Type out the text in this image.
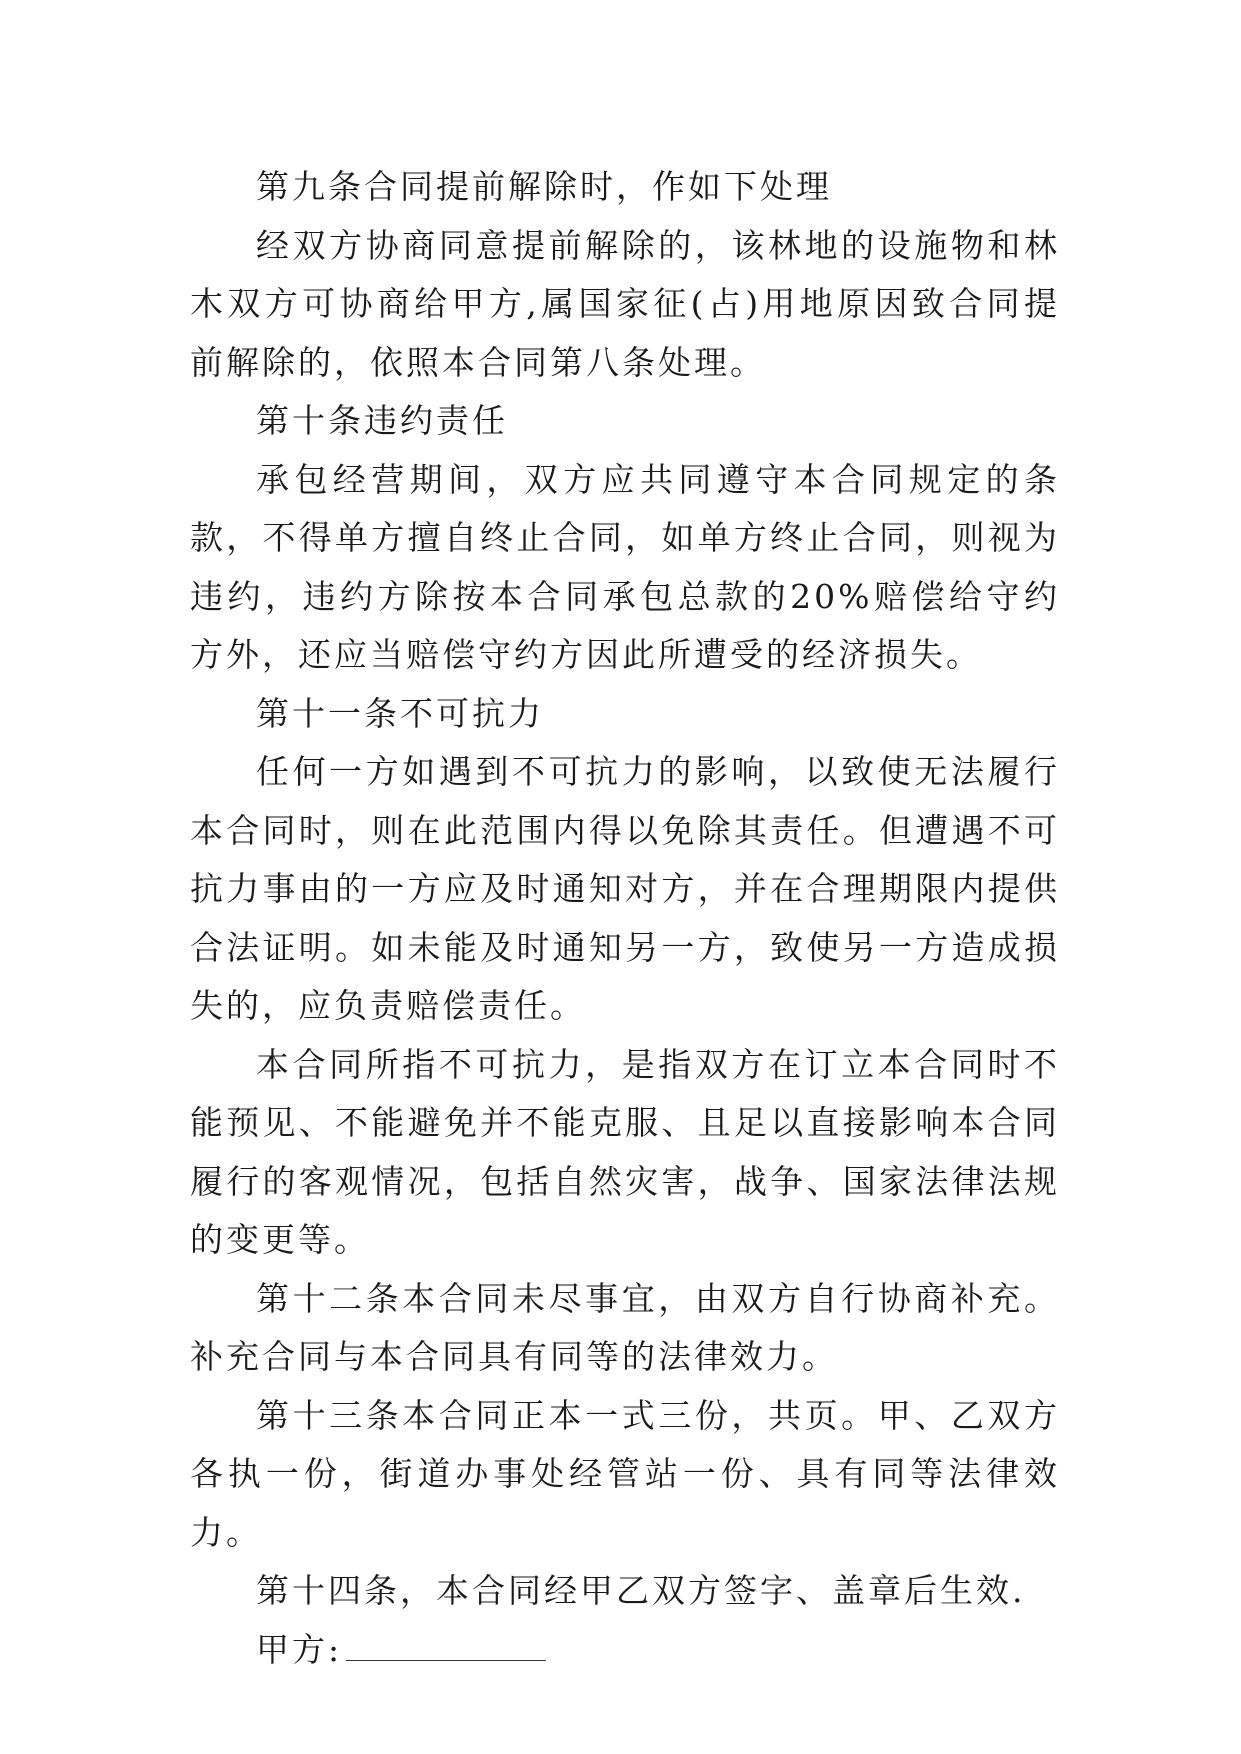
第九条合同提前解除时，作如下处理

经双方协商同意提前解除的，该林地的设施物和林木双方可协商给甲方,属国家征(占)用地原因致合同提前解除的，依照本合同第八条处理。

第十条违约责任

承包经营期间，双方应共同遵守本合同规定的条款，不得单方擅自终止合同，如单方终止合同，则视为违约，违约方除按本合同承包总款的20%赔偿给守约方外，还应当赔偿守约方因此所遭受的经济损失。

第十一条不可抗力

任何一方如遇到不可抗力的影响，以致使无法履行本合同时，则在此范围内得以免除其责任。但遭遇不可抗力事由的一方应及时通知对方，并在合理期限内提供合法证明。如未能及时通知另一方，致使另一方造成损失的，应负责赔偿责任。

本合同所指不可抗力，是指双方在订立本合同时不能预见、不能避免并不能克服、且足以直接影响本合同履行的客观情况，包括自然灾害，战争、国家法律法规的变更等。

第十二条本合同未尽事宜，由双方自行协商补充。补充合同与本合同具有同等的法律效力。

第十三条本合同正本一式三份，共页。甲、乙双方各执一份，街道办事处经管站一份、具有同等法律效力。

第十四条，本合同经甲乙双方签字、盖章后生效.

甲方:
